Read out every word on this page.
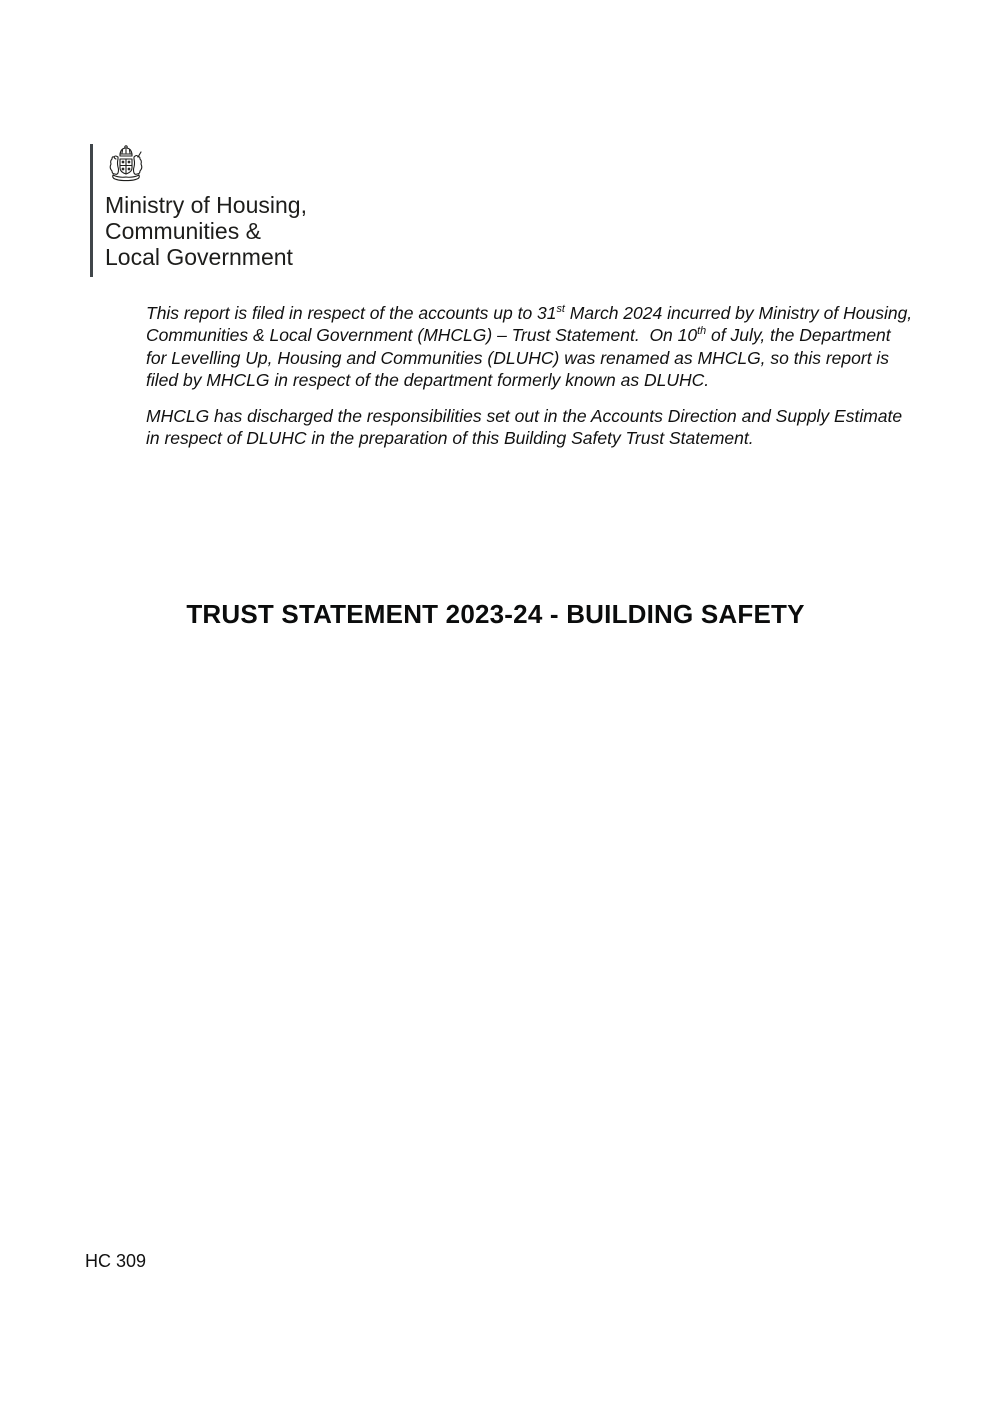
Ministry of Housing,
Communities &
Local Government

This report is filed in respect of the accounts up to 31st March 2024 incurred by Ministry of Housing, Communities & Local Government (MHCLG) – Trust Statement.  On 10th of July, the Department for Levelling Up, Housing and Communities (DLUHC) was renamed as MHCLG, so this report is filed by MHCLG in respect of the department formerly known as DLUHC.

MHCLG has discharged the responsibilities set out in the Accounts Direction and Supply Estimate in respect of DLUHC in the preparation of this Building Safety Trust Statement.

TRUST STATEMENT 2023-24 - BUILDING SAFETY
HC 309
